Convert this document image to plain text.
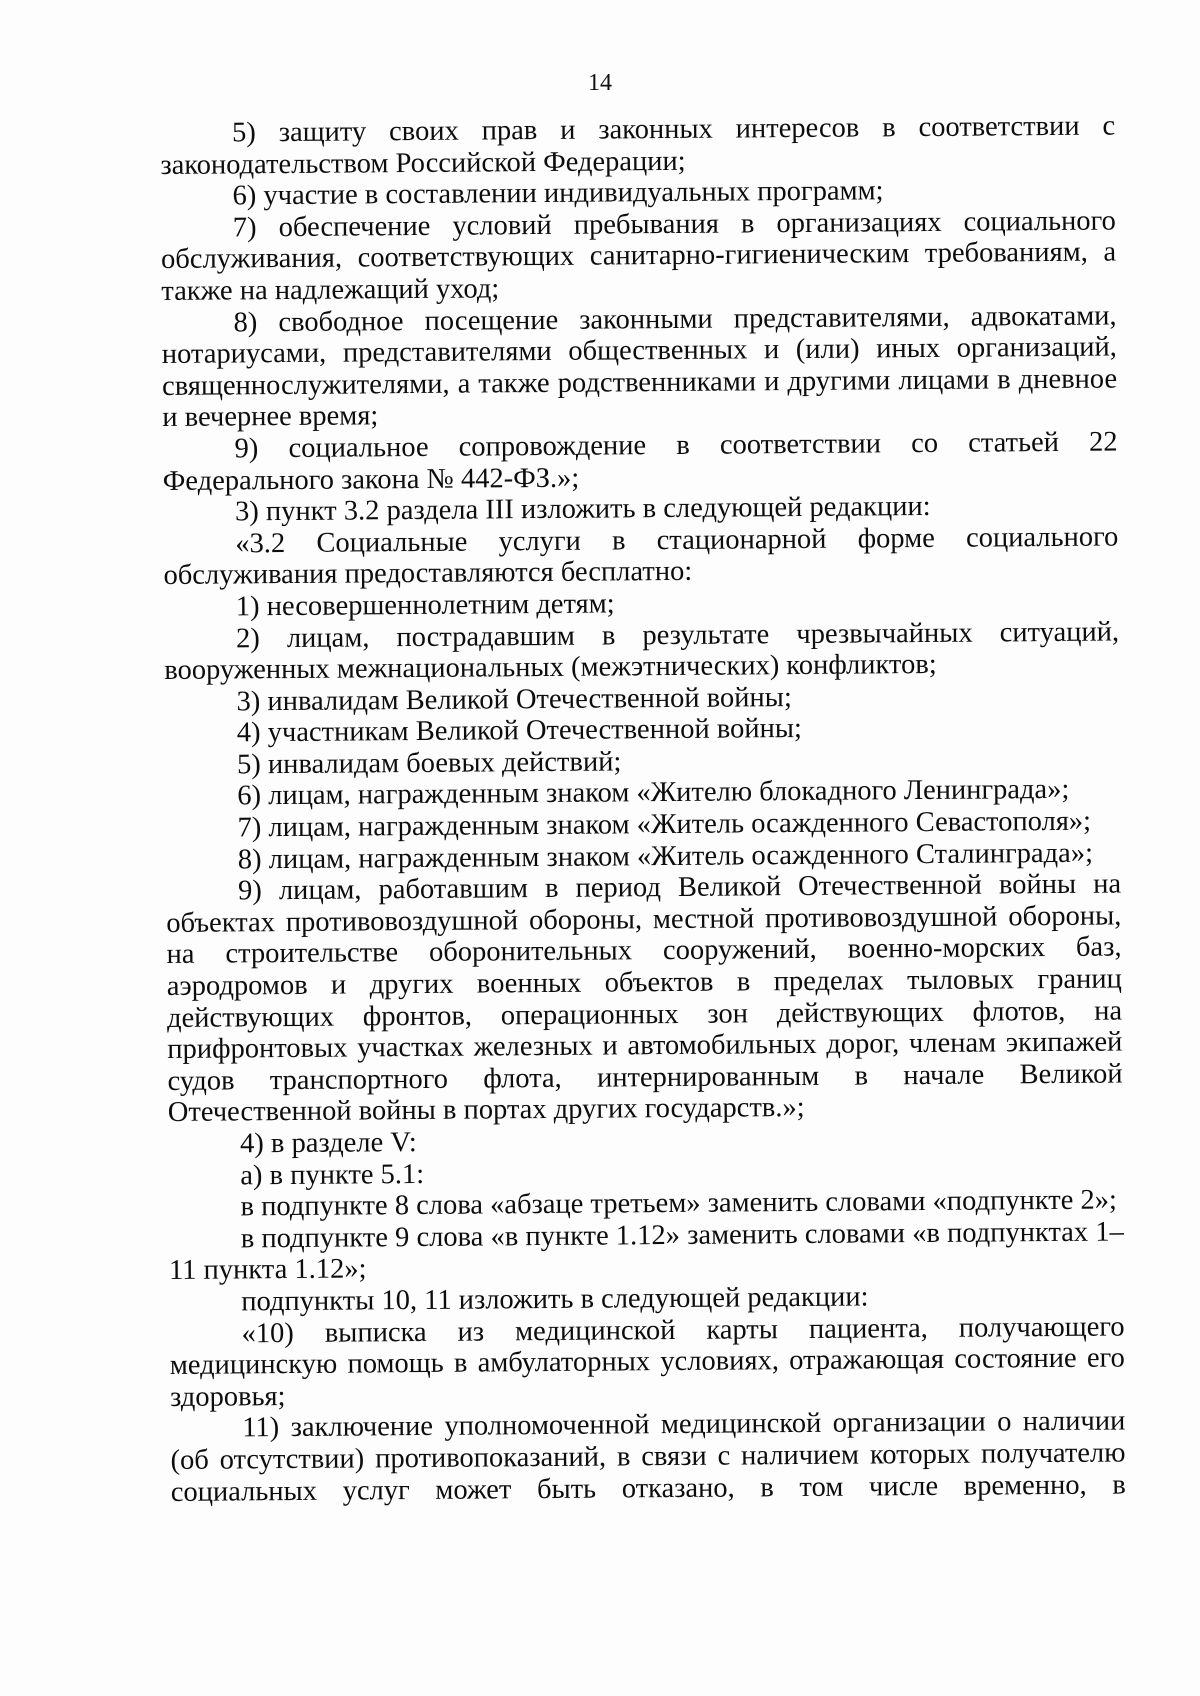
14

5) защиту своих прав и законных интересов в соответствии с законодательством Российской Федерации;

6) участие в составлении индивидуальных программ;

7) обеспечение условий пребывания в организациях социального обслуживания, соответствующих санитарно-гигиеническим требованиям, а также на надлежащий уход;

8) свободное посещение законными представителями, адвокатами, нотариусами, представителями общественных и (или) иных организаций, священнослужителями, а также родственниками и другими лицами в дневное и вечернее время;

9) социальное сопровождение в соответствии со статьей 22 Федерального закона № 442-ФЗ.»;

3) пункт 3.2 раздела III изложить в следующей редакции:

«3.2 Социальные услуги в стационарной форме социального обслуживания предоставляются бесплатно:

1) несовершеннолетним детям;

2) лицам, пострадавшим в результате чрезвычайных ситуаций, вооруженных межнациональных (межэтнических) конфликтов;

3) инвалидам Великой Отечественной войны;

4) участникам Великой Отечественной войны;

5) инвалидам боевых действий;

6) лицам, награжденным знаком «Жителю блокадного Ленинграда»;

7) лицам, награжденным знаком «Житель осажденного Севастополя»;

8) лицам, награжденным знаком «Житель осажденного Сталинграда»;

9) лицам, работавшим в период Великой Отечественной войны на объектах противовоздушной обороны, местной противовоздушной обороны, на строительстве оборонительных сооружений, военно-морских баз, аэродромов и других военных объектов в пределах тыловых границ действующих фронтов, операционных зон действующих флотов, на прифронтовых участках железных и автомобильных дорог, членам экипажей судов транспортного флота, интернированным в начале Великой Отечественной войны в портах других государств.»;

4) в разделе V:

а) в пункте 5.1:

в подпункте 8 слова «абзаце третьем» заменить словами «подпункте 2»;

в подпункте 9 слова «в пункте 1.12» заменить словами «в подпунктах 1–11 пункта 1.12»;

подпункты 10, 11 изложить в следующей редакции:

«10) выписка из медицинской карты пациента, получающего медицинскую помощь в амбулаторных условиях, отражающая состояние его здоровья;

11) заключение уполномоченной медицинской организации о наличии (об отсутствии) противопоказаний, в связи с наличием которых получателю социальных услуг может быть отказано, в том числе временно, в
